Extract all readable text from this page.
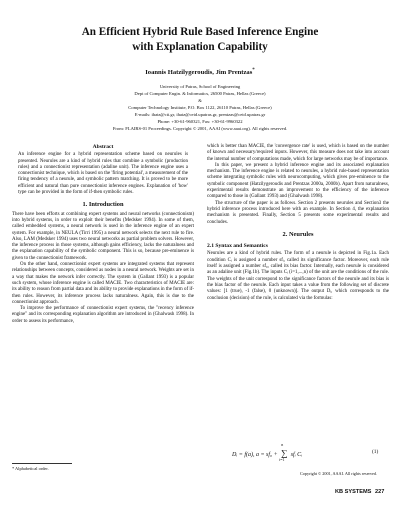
An Efficient Hybrid Rule Based Inference Engine
with Explanation Capability
Ioannis Hatzilygeroudis, Jim Prentzas*
University of Patras, School of Engineering
Dept of Computer Engin. & Informatics, 26500 Patras, Hellas (Greece)
&
Computer Technology Institute, P.O. Box 1122, 26110 Patras, Hellas (Greece)
E-mails: ihatz@cti.gr, ihatz@ceid.upatras.gr, prentzas@ceid.upatras.gr
Phone: +30-61-960321, Fax: +30-61-9960322
From: FLAIRS-01 Proceedings. Copyright © 2001, AAAI (www.aaai.org). All rights reserved.
Abstract

An inference engine for a hybrid representation scheme based on neurules is presented. Neurules are a kind of hybrid rules that combine a symbolic (production rules) and a connectionist representation (adaline unit). The inference engine uses a connectionist technique, which is based on the 'firing potential', a measurement of the firing tendency of a neurule, and symbolic pattern matching. It is proved to be more efficient and natural than pure connectionist inference engines. Explanation of 'how' type can be provided in the form of if-then symbolic rules.

1. Introduction

There have been efforts at combining expert systems and neural networks (connectionism) into hybrid systems, in order to exploit their benefits (Medsker 1994). In some of them, called embedded systems, a neural network is used in the inference engine of an expert system. For example, in NEULA (Tirri 1995) a neural network selects the next rule to fire. Also, LAM (Medsker 1994) uses two neural networks as partial problem solvers. However, the inference process in those systems, although gains efficiency, lacks the naturalness and the explanation capability of the symbolic component. This is so, because pre-eminence is given to the connectionist framework.

On the other hand, connectionist expert systems are integrated systems that represent relationships between concepts, considered as nodes in a neural network. Weights are set in a way that makes the network infer correctly. The system in (Gallant 1993) is a popular such system, whose inference engine is called MACIE. Two characteristics of MACIE are: its ability to reason from partial data and its ability to provide explanations in the form of if-then rules. However, its inference process lacks naturalness. Again, this is due to the connectionist approach.

To improve the performance of connectionist expert systems, the "recency inference engine" and its corresponding explanation algorithm are introduced in (Ghalwash 1998). In order to assess its performance,

* Alphabetical order.

which is better than MACIE, the 'convergence rate' is used, which is based on the number of known and necessary/required inputs. However, this measure does not take into account the internal number of computations made, which for large networks may be of importance.

In this paper, we present a hybrid inference engine and its associated explanation mechanism. The inference engine is related to neurules, a hybrid rule-based representation scheme integrating symbolic rules with neurocomputing, which gives pre-eminence to the symbolic component (Hatzilygeroudis and Prentzas 2000a, 2000b). Apart from naturalness, experimental results demonstrate an improvement to the efficiency of the inference compared to those in (Gallant 1993) and (Ghalwash 1998).

The structure of the paper is as follows. Section 2 presents neurules and Section3 the hybrid inference process introduced here with an example. In Section 4, the explanation mechanism is presented. Finally, Section 5 presents some experimental results and concludes.

2. Neurules
2.1 Syntax and Semantics

Neurules are a kind of hybrid rules. The form of a neurule is depicted in Fig.1a. Each condition Cᵢ is assigned a number sfᵢ, called its significance factor. Moreover, each rule itself is assigned a number sf₀, called its bias factor. Internally, each neurule is considered as an adaline unit (Fig.1b). The inputs Cᵢ (i=1,...,n) of the unit are the conditions of the rule. The weights of the unit correspond to the significance factors of the neurule and its bias is the bias factor of the neurule. Each input takes a value from the following set of discrete values: [1 (true), -1 (false), 0 (unknown)]. The output Dᵢ, which corresponds to the conclusion (decision) of the rule, is calculated via the formulas:

Dᵢ = f(a), a = sf₀ +
n
∑
i=1
sfᵢ Cᵢ	(1)
Copyright © 2001, AAAI. All rights reserved.
KB SYSTEMS 227
